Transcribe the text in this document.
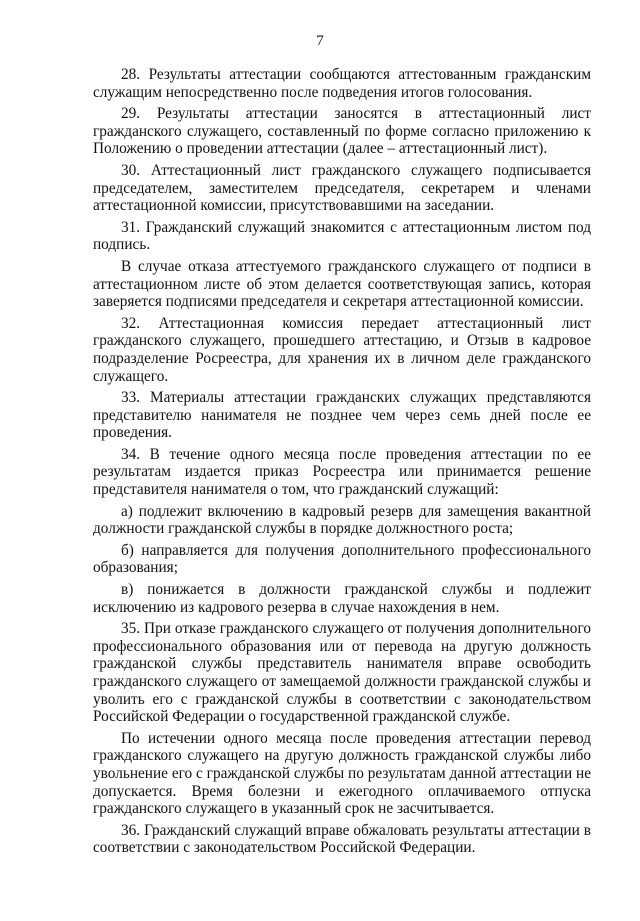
7

28. Результаты аттестации сообщаются аттестованным гражданским служащим непосредственно после подведения итогов голосования.

29. Результаты аттестации заносятся в аттестационный лист гражданского служащего, составленный по форме согласно приложению к Положению о проведении аттестации (далее – аттестационный лист).

30. Аттестационный лист гражданского служащего подписывается председателем, заместителем председателя, секретарем и членами аттестационной комиссии, присутствовавшими на заседании.

31. Гражданский служащий знакомится с аттестационным листом под подпись.

В случае отказа аттестуемого гражданского служащего от подписи в аттестационном листе об этом делается соответствующая запись, которая заверяется подписями председателя и секретаря аттестационной комиссии.

32. Аттестационная комиссия передает аттестационный лист гражданского служащего, прошедшего аттестацию, и Отзыв в кадровое подразделение Росреестра, для хранения их в личном деле гражданского служащего.

33. Материалы аттестации гражданских служащих представляются представителю нанимателя не позднее чем через семь дней после ее проведения.

34. В течение одного месяца после проведения аттестации по ее результатам издается приказ Росреестра или принимается решение представителя нанимателя о том, что гражданский служащий:

а) подлежит включению в кадровый резерв для замещения вакантной должности гражданской службы в порядке должностного роста;

б) направляется для получения дополнительного профессионального образования;

в) понижается в должности гражданской службы и подлежит исключению из кадрового резерва в случае нахождения в нем.

35. При отказе гражданского служащего от получения дополнительного профессионального образования или от перевода на другую должность гражданской службы представитель нанимателя вправе освободить гражданского служащего от замещаемой должности гражданской службы и уволить его с гражданской службы в соответствии с законодательством Российской Федерации о государственной гражданской службе.

По истечении одного месяца после проведения аттестации перевод гражданского служащего на другую должность гражданской службы либо увольнение его с гражданской службы по результатам данной аттестации не допускается. Время болезни и ежегодного оплачиваемого отпуска гражданского служащего в указанный срок не засчитывается.

36. Гражданский служащий вправе обжаловать результаты аттестации в соответствии с законодательством Российской Федерации.
